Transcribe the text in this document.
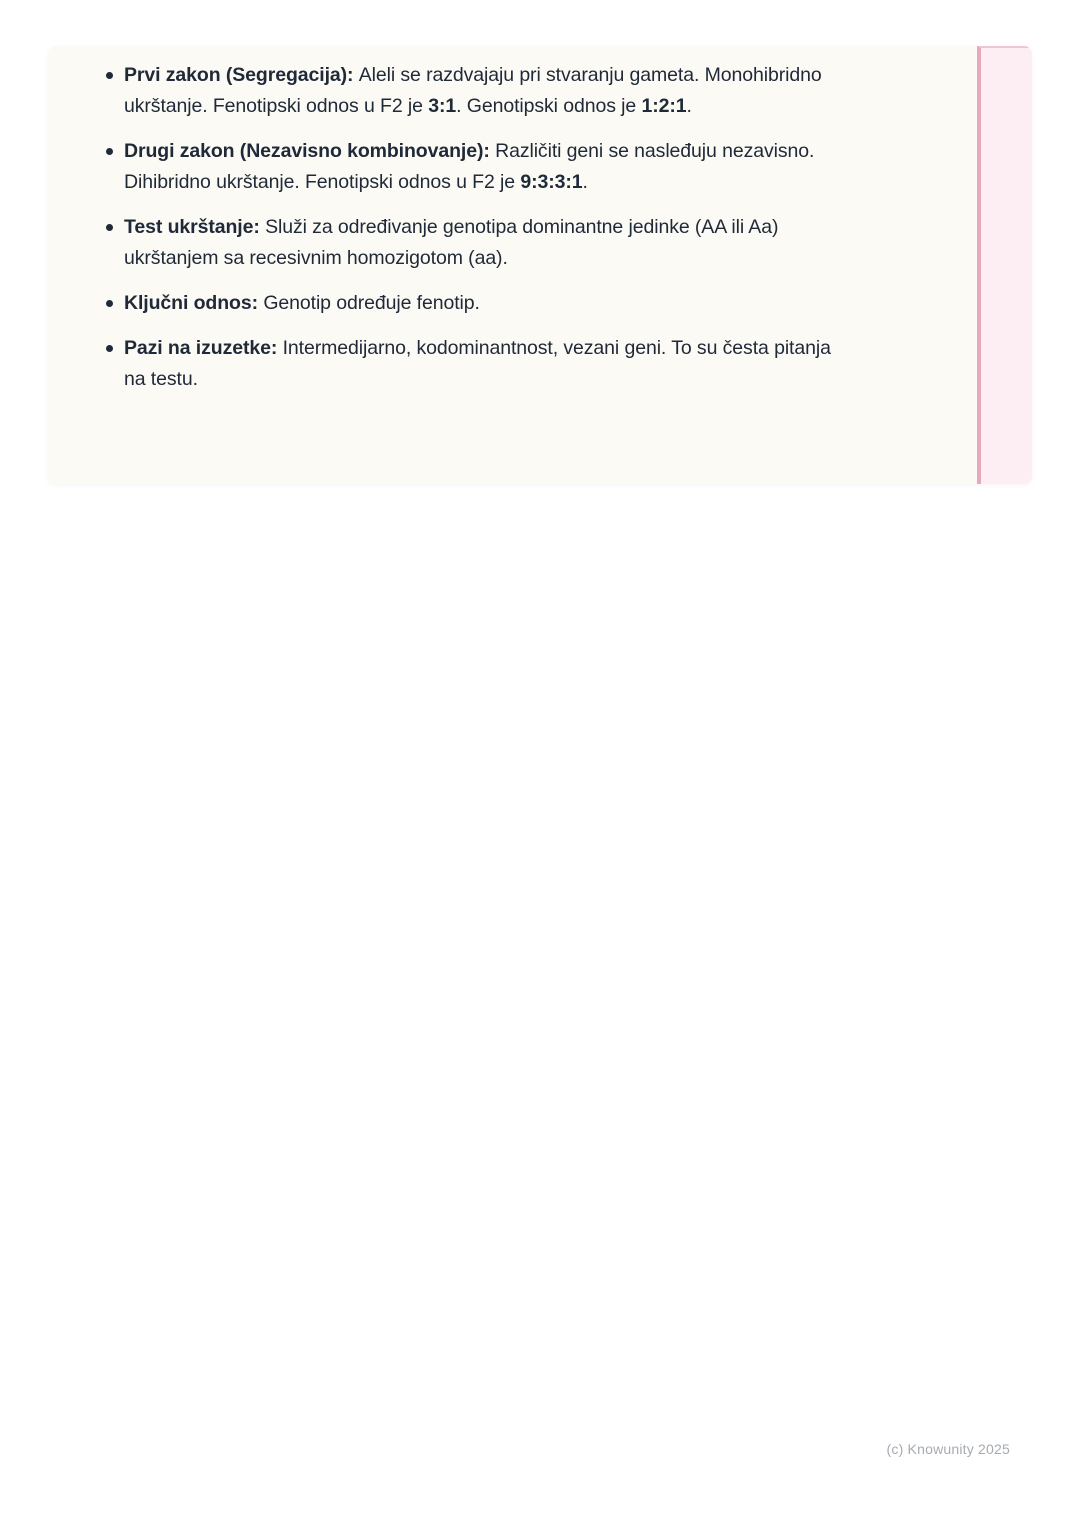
Prvi zakon (Segregacija): Aleli se razdvajaju pri stvaranju gameta. Monohibridno ukrštanje. Fenotipski odnos u F2 je 3:1. Genotipski odnos je 1:2:1.
Drugi zakon (Nezavisno kombinovanje): Različiti geni se nasleđuju nezavisno. Dihibridno ukrštanje. Fenotipski odnos u F2 je 9:3:3:1.
Test ukrštanje: Služi za određivanje genotipa dominantne jedinke (AA ili Aa) ukrštanjem sa recesivnim homozigotom (aa).
Ključni odnos: Genotip određuje fenotip.
Pazi na izuzetke: Intermedijarno, kodominantnost, vezani geni. To su česta pitanja na testu.
(c) Knowunity 2025
